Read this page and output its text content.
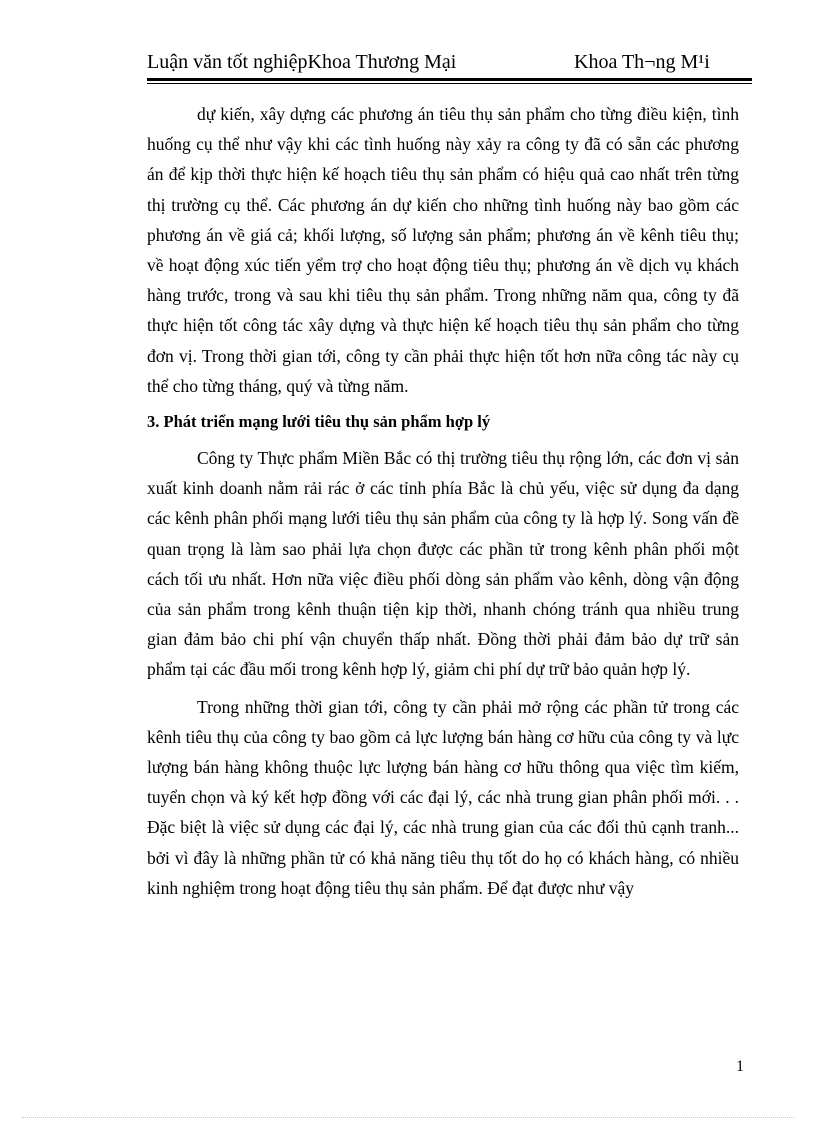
Luận văn tốt nghiệpKhoa Thương Mại	Khoa Th¬ng M¹i

dự kiến, xây dựng các phương án tiêu thụ sản phẩm cho từng điều kiện, tình huống cụ thể như vậy khi các tình huống này xảy ra công ty đã có sẵn các phương án để kịp thời thực hiện kế hoạch tiêu thụ sản phẩm có hiệu quả cao nhất trên từng thị trường cụ thể. Các phương án dự kiến cho những tình huống này bao gồm các phương án về giá cả; khối lượng, số lượng sản phẩm; phương án về kênh tiêu thụ; về hoạt động xúc tiến yểm trợ cho hoạt động tiêu thụ; phương án về dịch vụ khách hàng trước, trong và sau khi tiêu thụ sản phẩm. Trong những năm qua, công ty đã thực hiện tốt công tác xây dựng và thực hiện kế hoạch tiêu thụ sản phẩm cho từng đơn vị. Trong thời gian tới, công ty cần phải thực hiện tốt hơn nữa công tác này cụ thể cho từng tháng, quý và từng năm.

3. Phát triển mạng lưới tiêu thụ sản phẩm hợp lý

Công ty Thực phẩm Miền Bắc có thị trường tiêu thụ rộng lớn, các đơn vị sản xuất kinh doanh nằm rải rác ở các tỉnh phía Bắc là chủ yếu, việc sử dụng đa dạng các kênh phân phối mạng lưới tiêu thụ sản phẩm của công ty là hợp lý. Song vấn đề quan trọng là làm sao phải lựa chọn được các phần tử trong kênh phân phối một cách tối ưu nhất. Hơn nữa việc điều phối dòng sản phẩm vào kênh, dòng vận động của sản phẩm trong kênh thuận tiện kịp thời, nhanh chóng tránh qua nhiều trung gian đảm bảo chi phí vận chuyển thấp nhất. Đồng thời phải đảm bảo dự trữ sản phẩm tại các đầu mối trong kênh hợp lý, giảm chi phí dự trữ bảo quản hợp lý.

Trong những thời gian tới, công ty cần phải mở rộng các phần tử trong các kênh tiêu thụ của công ty bao gồm cả lực lượng bán hàng cơ hữu của công ty và lực lượng bán hàng không thuộc lực lượng bán hàng cơ hữu thông qua việc tìm kiếm, tuyển chọn và ký kết hợp đồng với các đại lý, các nhà trung gian phân phối mới. . . Đặc biệt là việc sử dụng các đại lý, các nhà trung gian của các đối thủ cạnh tranh... bởi vì đây là những phần tử có khả năng tiêu thụ tốt do họ có khách hàng, có nhiều kinh nghiệm trong hoạt động tiêu thụ sản phẩm. Để đạt được như vậy

1
